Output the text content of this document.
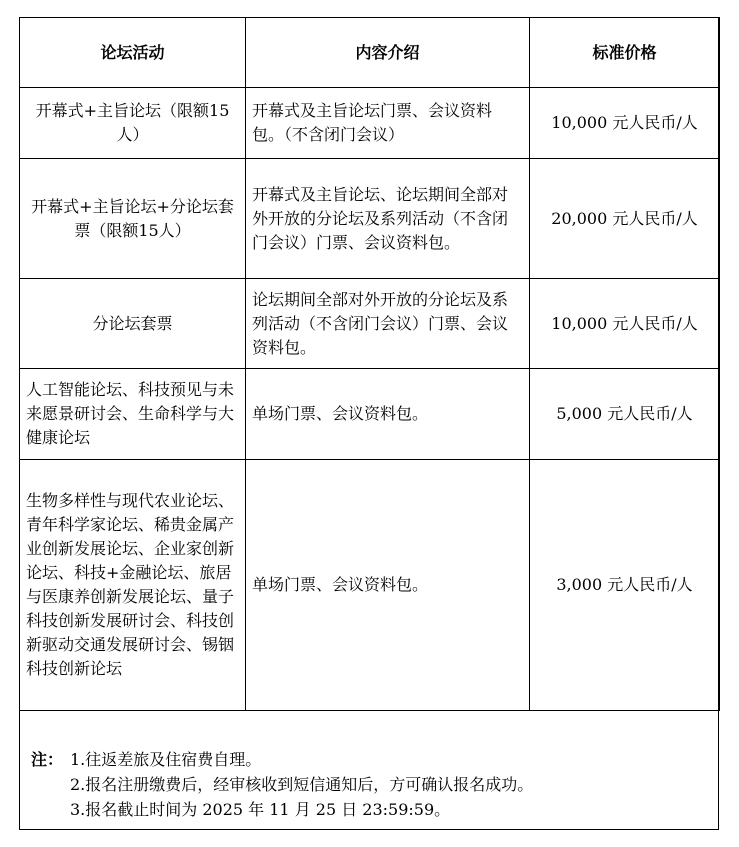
论坛活动	内容介绍	标准价格
开幕式+主旨论坛（限额15人）	开幕式及主旨论坛门票、会议资料包。（不含闭门会议）	10,000 元人民币/人
开幕式+主旨论坛+分论坛套票（限额15人）	开幕式及主旨论坛、论坛期间全部对外开放的分论坛及系列活动（不含闭门会议）门票、会议资料包。	20,000 元人民币/人
分论坛套票	论坛期间全部对外开放的分论坛及系列活动（不含闭门会议）门票、会议资料包。	10,000 元人民币/人
人工智能论坛、科技预见与未来愿景研讨会、生命科学与大健康论坛	单场门票、会议资料包。	5,000 元人民币/人
生物多样性与现代农业论坛、青年科学家论坛、稀贵金属产业创新发展论坛、企业家创新论坛、科技+金融论坛、旅居与医康养创新发展论坛、量子科技创新发展研讨会、科技创新驱动交通发展研讨会、锡铟科技创新论坛	单场门票、会议资料包。	3,000 元人民币/人
注： 1.往返差旅及住宿费自理。
2.报名注册缴费后，经审核收到短信通知后，方可确认报名成功。
3.报名截止时间为 2025 年 11 月 25 日 23:59:59。
